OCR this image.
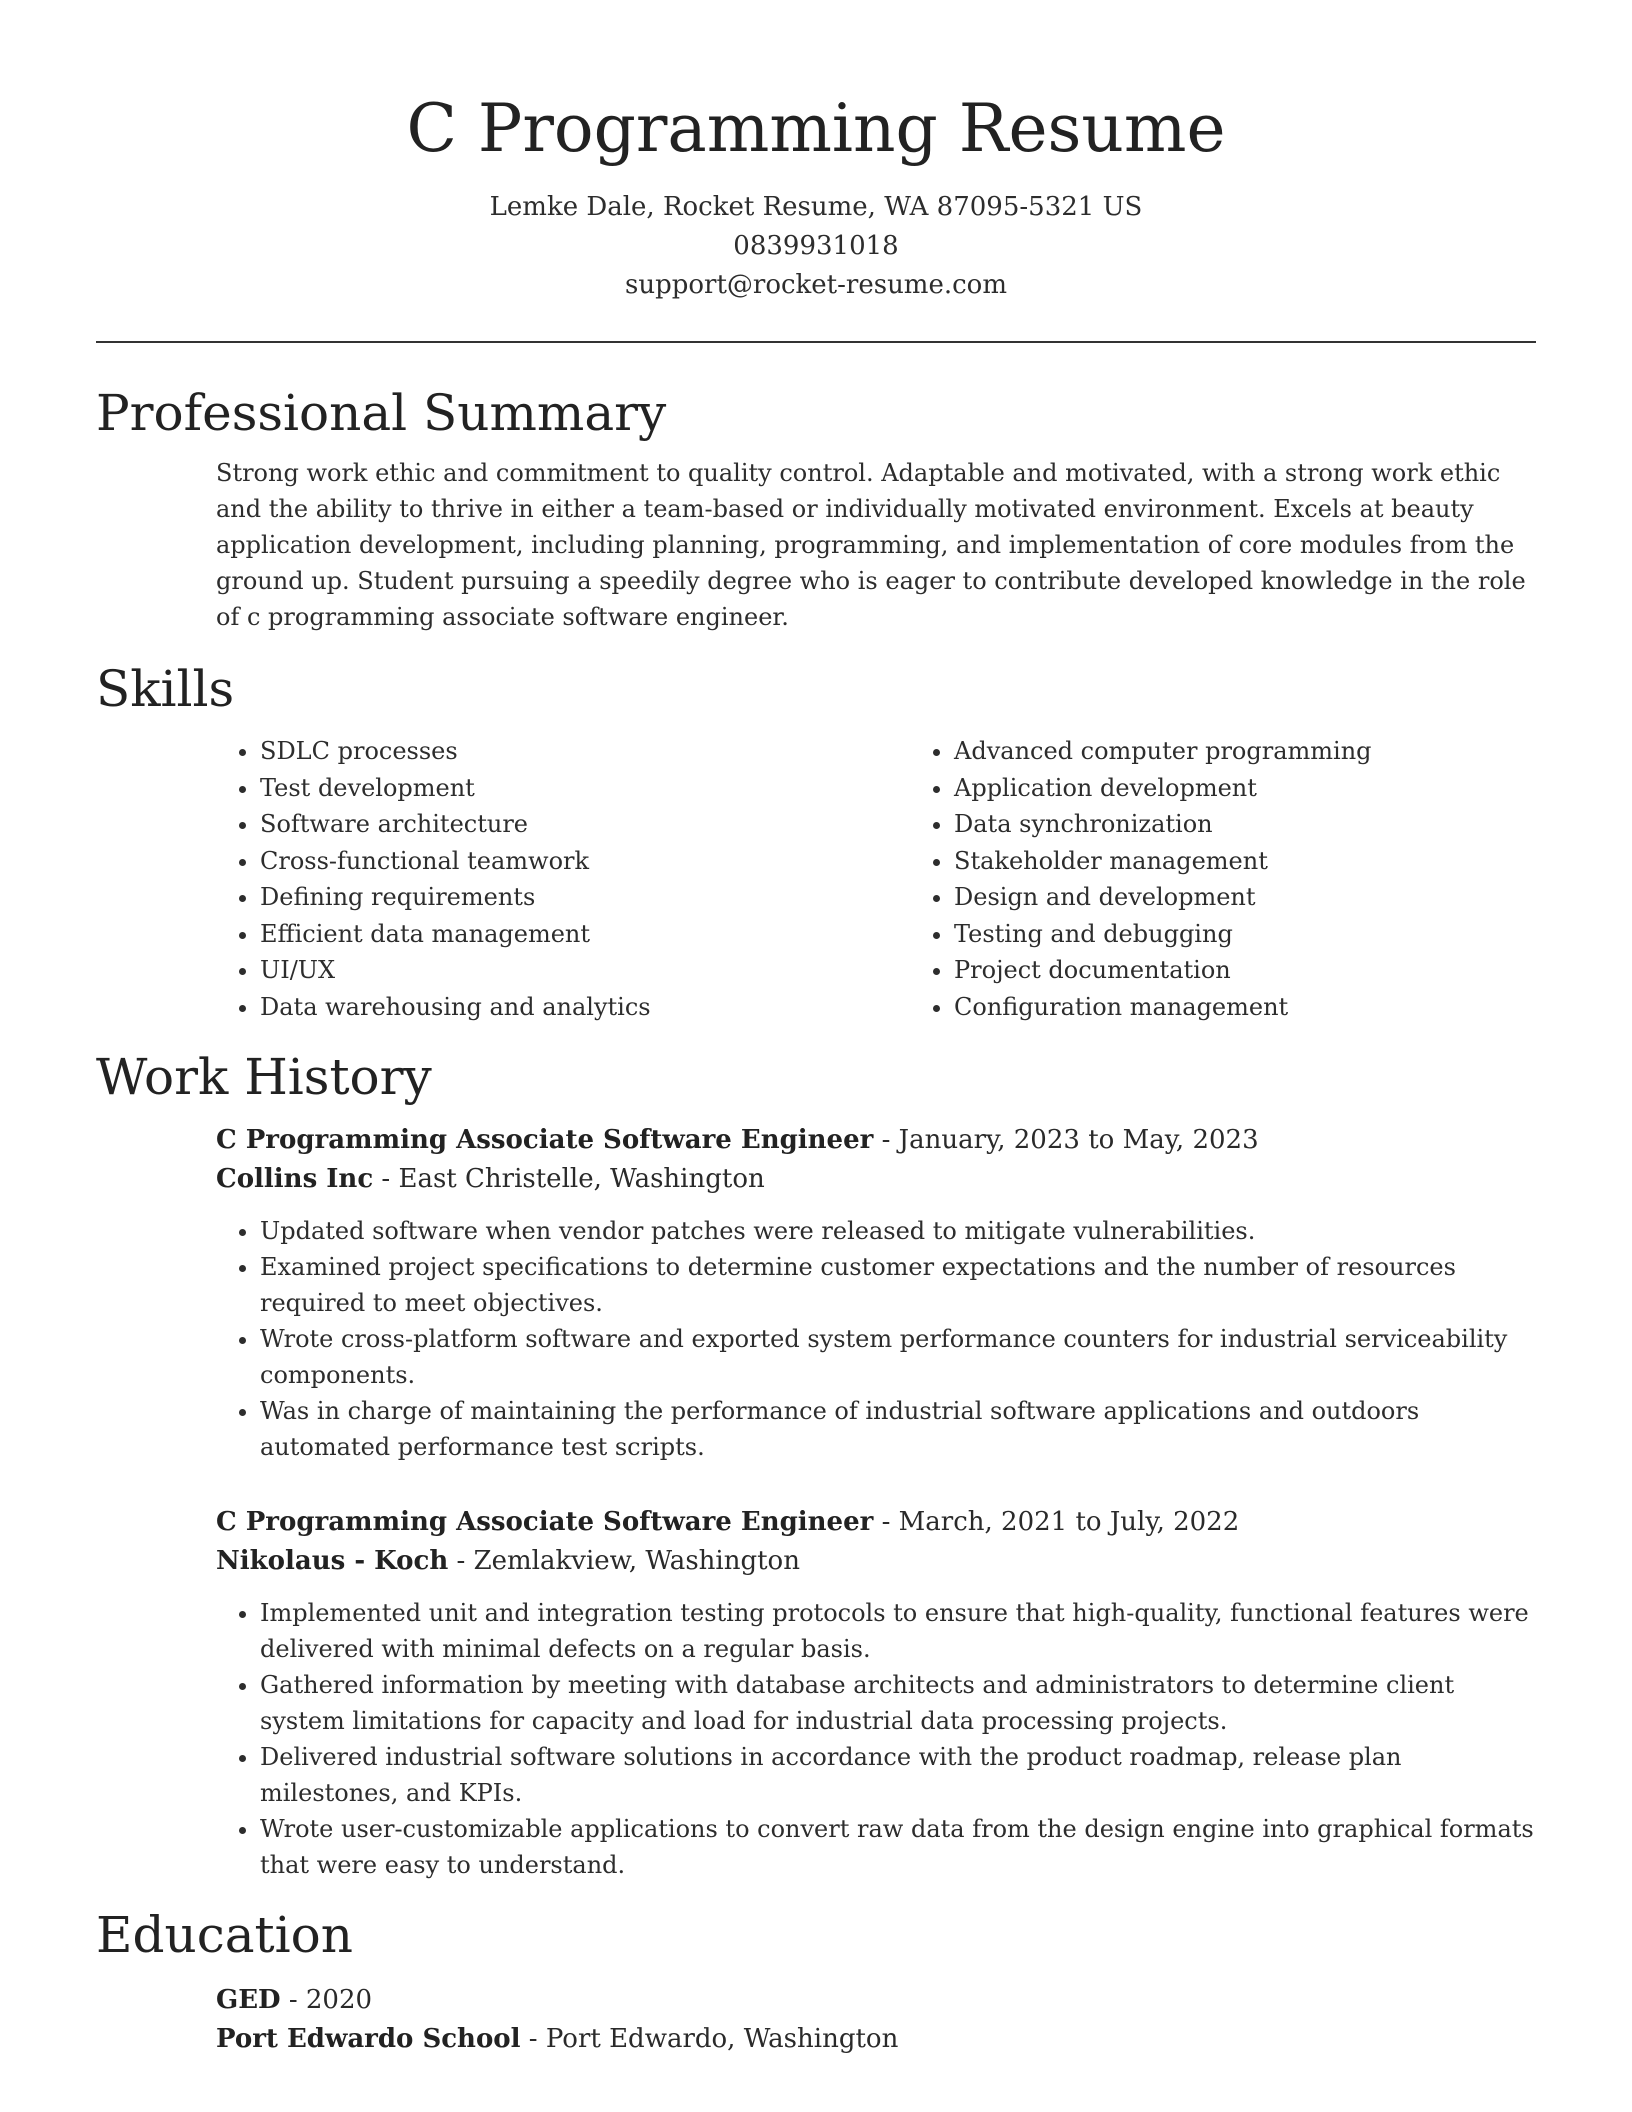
C Programming Resume
Lemke Dale, Rocket Resume, WA 87095-5321 US
0839931018
support@rocket-resume.com
Professional Summary
Strong work ethic and commitment to quality control. Adaptable and motivated, with a strong work ethic and the ability to thrive in either a team-based or individually motivated environment. Excels at beauty application development, including planning, programming, and implementation of core modules from the ground up. Student pursuing a speedily degree who is eager to contribute developed knowledge in the role of c programming associate software engineer.
Skills
• SDLC processes
• Test development
• Software architecture
• Cross-functional teamwork
• Defining requirements
• Efficient data management
• UI/UX
• Data warehousing and analytics
• Advanced computer programming
• Application development
• Data synchronization
• Stakeholder management
• Design and development
• Testing and debugging
• Project documentation
• Configuration management
Work History
C Programming Associate Software Engineer - January, 2023 to May, 2023
Collins Inc - East Christelle, Washington
• Updated software when vendor patches were released to mitigate vulnerabilities.
• Examined project specifications to determine customer expectations and the number of resources required to meet objectives.
• Wrote cross-platform software and exported system performance counters for industrial serviceability components.
• Was in charge of maintaining the performance of industrial software applications and outdoors automated performance test scripts.
C Programming Associate Software Engineer - March, 2021 to July, 2022
Nikolaus - Koch - Zemlakview, Washington
• Implemented unit and integration testing protocols to ensure that high-quality, functional features were delivered with minimal defects on a regular basis.
• Gathered information by meeting with database architects and administrators to determine client system limitations for capacity and load for industrial data processing projects.
• Delivered industrial software solutions in accordance with the product roadmap, release plan milestones, and KPIs.
• Wrote user-customizable applications to convert raw data from the design engine into graphical formats that were easy to understand.
Education
GED - 2020
Port Edwardo School - Port Edwardo, Washington
